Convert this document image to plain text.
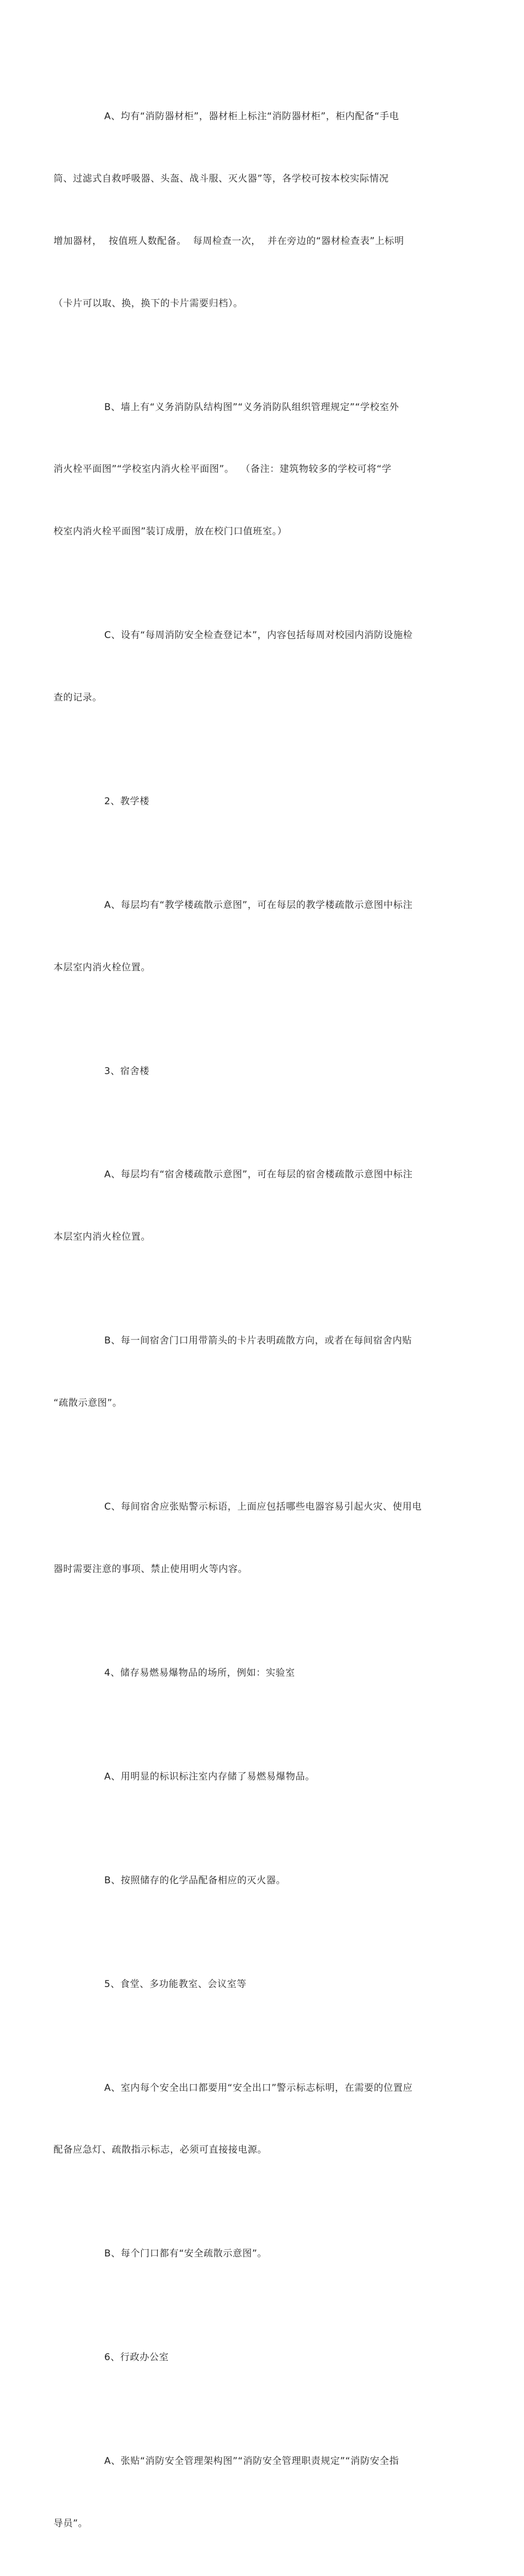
A、均有“消防器材柜”，器材柜上标注“消防器材柜”，柜内配备“手电

筒、过滤式自救呼吸器、头盔、战斗服、灭火器”等，各学校可按本校实际情况

增加器材，  按值班人数配备。  每周检查一次，  并在旁边的“器材检查表”上标明

（卡片可以取、换，换下的卡片需要归档）。

B、墙上有“义务消防队结构图”“义务消防队组织管理规定”“学校室外

消火栓平面图”“学校室内消火栓平面图”。  （备注：建筑物较多的学校可将“学

校室内消火栓平面图”装订成册，放在校门口值班室。）

C、设有“每周消防安全检查登记本”，内容包括每周对校园内消防设施检

查的记录。

2、教学楼

A、每层均有“教学楼疏散示意图”，可在每层的教学楼疏散示意图中标注

本层室内消火栓位置。

3、宿舍楼

A、每层均有“宿舍楼疏散示意图”，可在每层的宿舍楼疏散示意图中标注

本层室内消火栓位置。

B、每一间宿舍门口用带箭头的卡片表明疏散方向，或者在每间宿舍内贴

“疏散示意图”。

C、每间宿舍应张贴警示标语，上面应包括哪些电器容易引起火灾、使用电

器时需要注意的事项、禁止使用明火等内容。

4、储存易燃易爆物品的场所，例如：实验室

A、用明显的标识标注室内存储了易燃易爆物品。

B、按照储存的化学品配备相应的灭火器。

5、食堂、多功能教室、会议室等

A、室内每个安全出口都要用“安全出口”警示标志标明，在需要的位置应

配备应急灯、疏散指示标志，必须可直接接电源。

B、每个门口都有“安全疏散示意图”。

6、行政办公室

A、张贴“消防安全管理架构图”“消防安全管理职责规定”“消防安全指

导员”。
